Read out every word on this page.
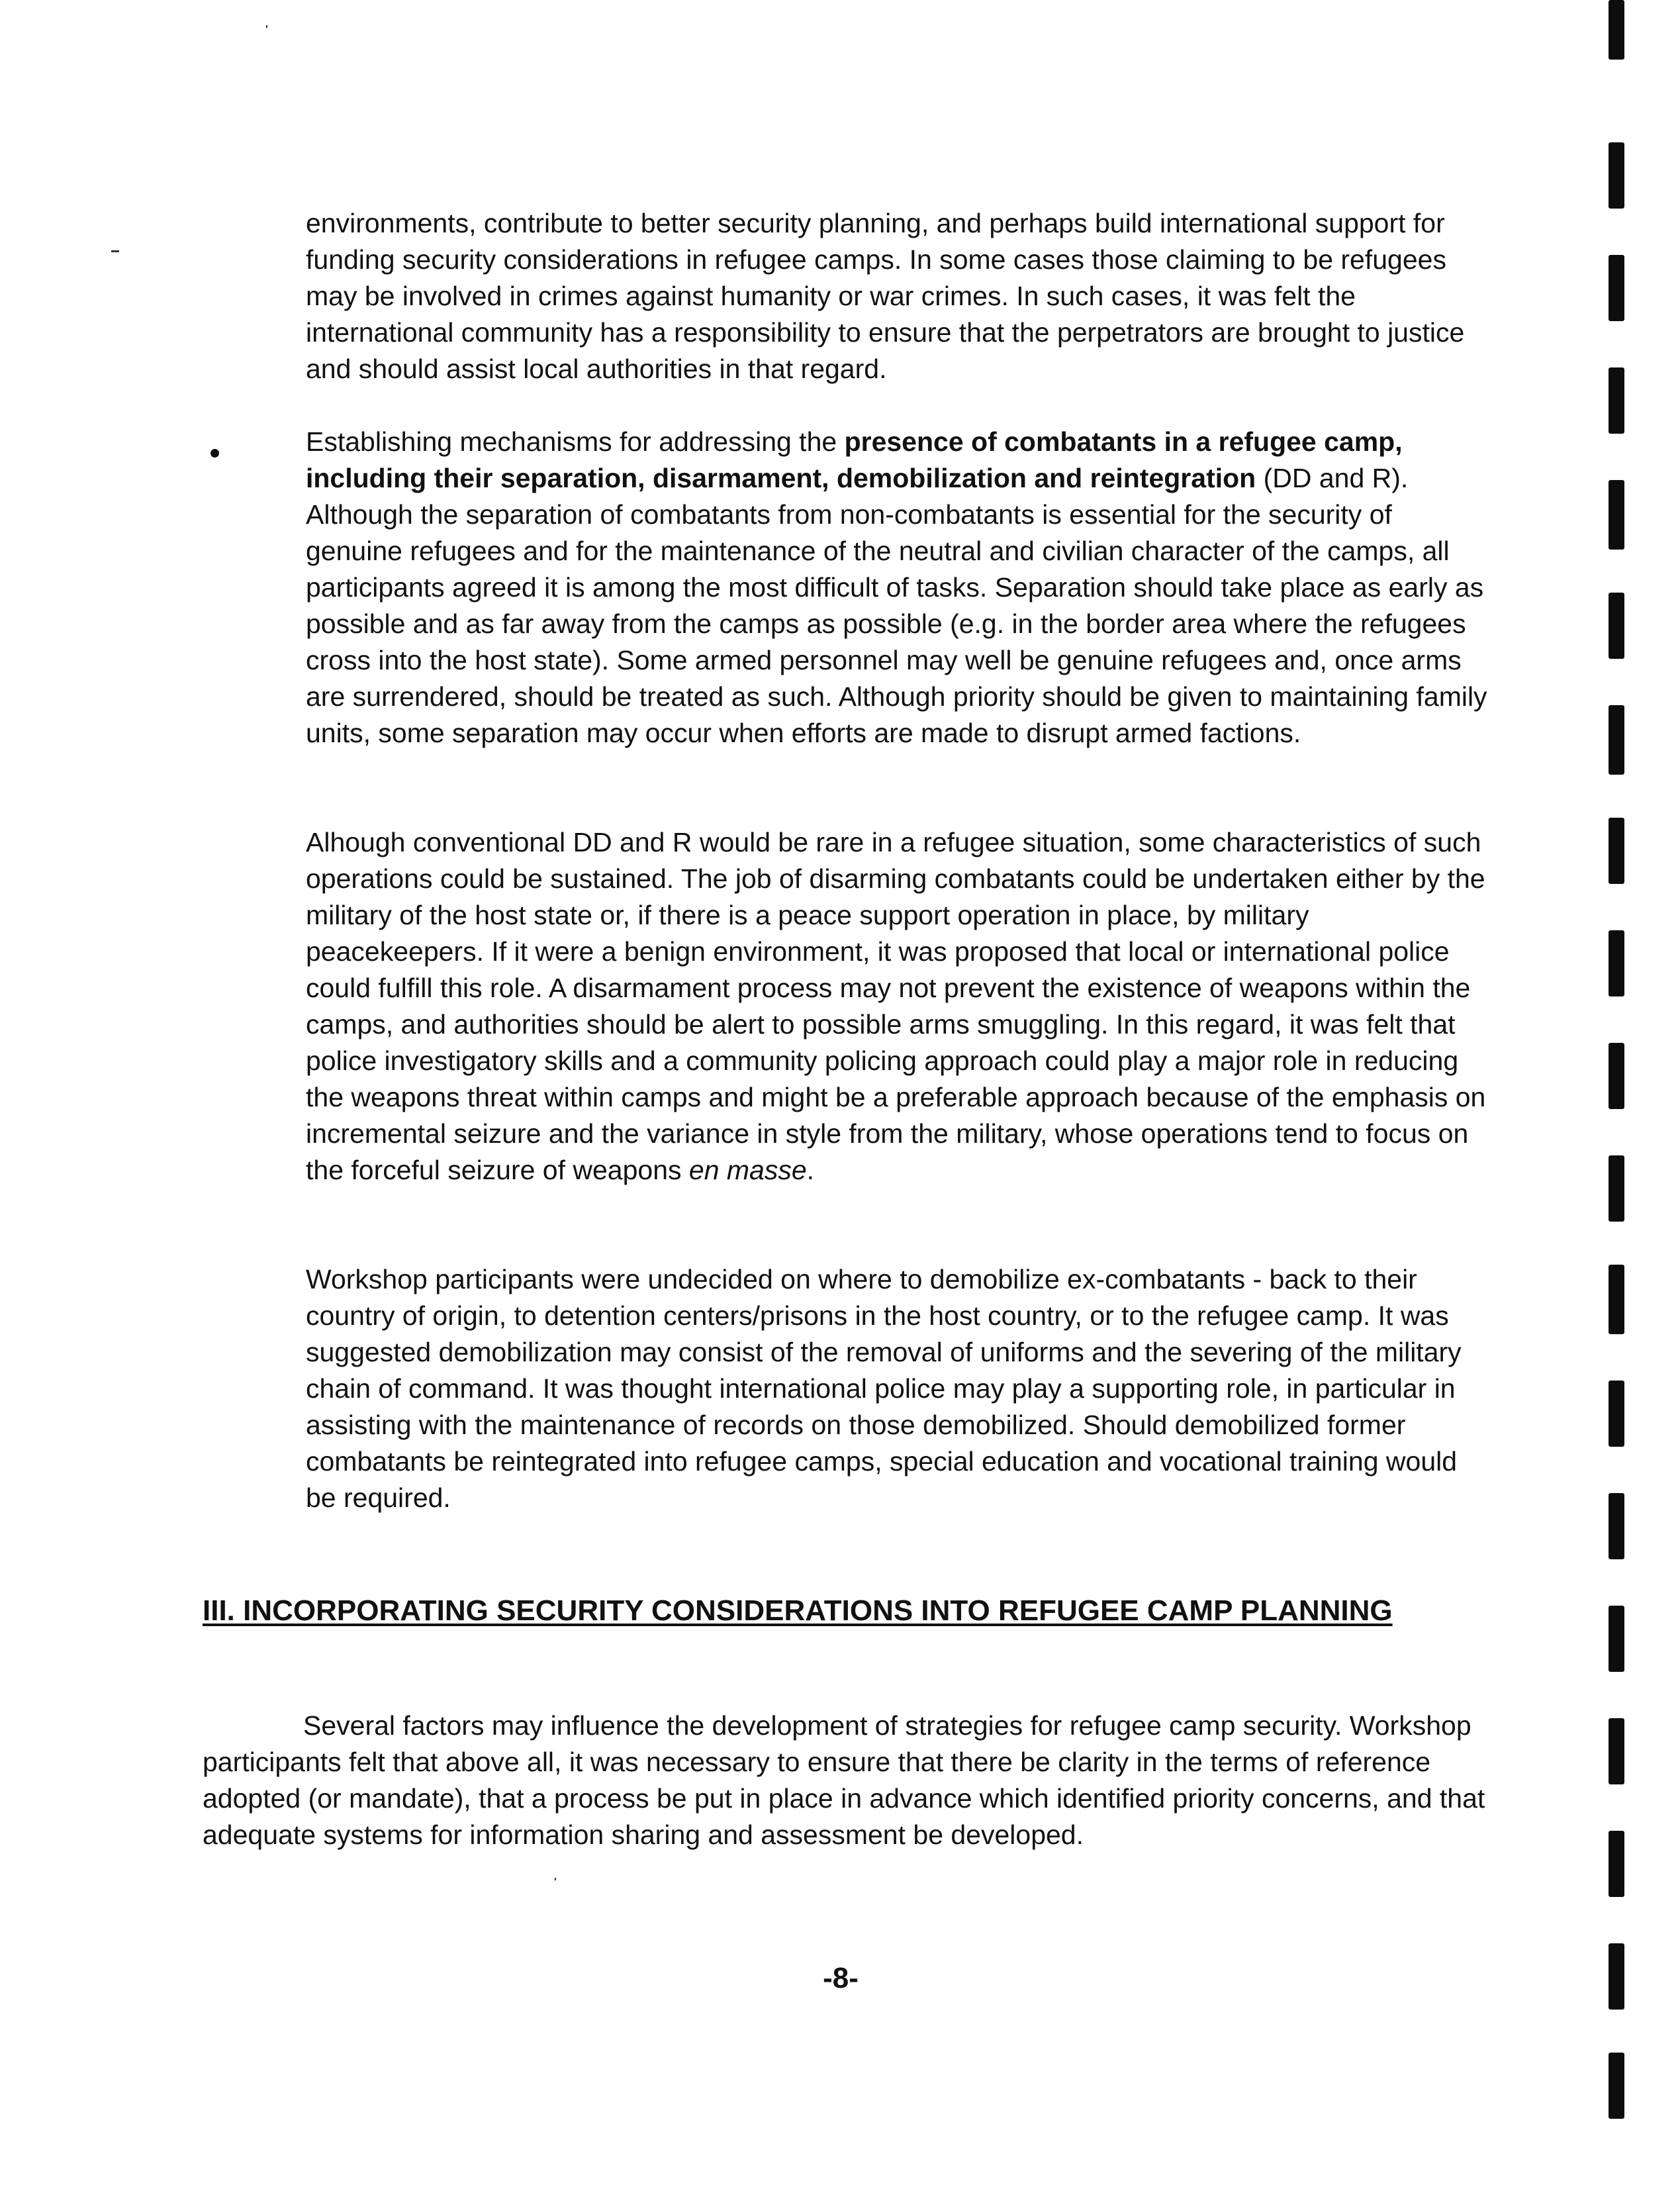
environments, contribute to better security planning, and perhaps build international support for funding security considerations in refugee camps. In some cases those claiming to be refugees may be involved in crimes against humanity or war crimes. In such cases, it was felt the international community has a responsibility to ensure that the perpetrators are brought to justice and should assist local authorities in that regard.

Establishing mechanisms for addressing the presence of combatants in a refugee camp, including their separation, disarmament, demobilization and reintegration (DD and R). Although the separation of combatants from non-combatants is essential for the security of genuine refugees and for the maintenance of the neutral and civilian character of the camps, all participants agreed it is among the most difficult of tasks. Separation should take place as early as possible and as far away from the camps as possible (e.g. in the border area where the refugees cross into the host state). Some armed personnel may well be genuine refugees and, once arms are surrendered, should be treated as such. Although priority should be given to maintaining family units, some separation may occur when efforts are made to disrupt armed factions.

Alhough conventional DD and R would be rare in a refugee situation, some characteristics of such operations could be sustained. The job of disarming combatants could be undertaken either by the military of the host state or, if there is a peace support operation in place, by military peacekeepers. If it were a benign environment, it was proposed that local or international police could fulfill this role. A disarmament process may not prevent the existence of weapons within the camps, and authorities should be alert to possible arms smuggling. In this regard, it was felt that police investigatory skills and a community policing approach could play a major role in reducing the weapons threat within camps and might be a preferable approach because of the emphasis on incremental seizure and the variance in style from the military, whose operations tend to focus on the forceful seizure of weapons en masse.

Workshop participants were undecided on where to demobilize ex-combatants - back to their country of origin, to detention centers/prisons in the host country, or to the refugee camp. It was suggested demobilization may consist of the removal of uniforms and the severing of the military chain of command. It was thought international police may play a supporting role, in particular in assisting with the maintenance of records on those demobilized. Should demobilized former combatants be reintegrated into refugee camps, special education and vocational training would be required.

III. INCORPORATING SECURITY CONSIDERATIONS INTO REFUGEE CAMP PLANNING

Several factors may influence the development of strategies for refugee camp security. Workshop participants felt that above all, it was necessary to ensure that there be clarity in the terms of reference adopted (or mandate), that a process be put in place in advance which identified priority concerns, and that adequate systems for information sharing and assessment be developed.

-8-
